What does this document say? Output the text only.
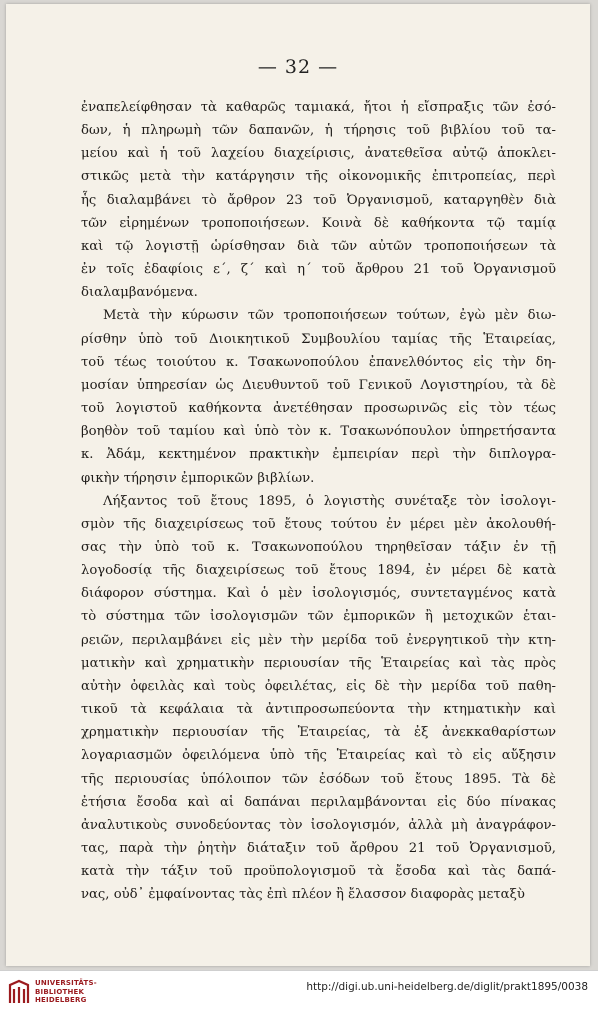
— 32 —

ἐναπελείφθησαν τὰ καθαρῶς ταμιακά, ἤτοι ἡ εἴσπραξις τῶν ἐσό-
δων, ἡ πληρωμὴ τῶν δαπανῶν, ἡ τήρησις τοῦ βιβλίου τοῦ τα-
μείου καὶ ἡ τοῦ λαχείου διαχείρισις, ἀνατεθεῖσα αὐτῷ ἀποκλει-
στικῶς μετὰ τὴν κατάργησιν τῆς οἰκονομικῆς ἐπιτροπείας, περὶ
ἧς διαλαμβάνει τὸ ἄρθρον 23 τοῦ Ὀργανισμοῦ, καταργηθὲν διὰ
τῶν εἰρημένων τροποποιήσεων. Κοινὰ δὲ καθήκοντα τῷ ταμίᾳ
καὶ τῷ λογιστῇ ὡρίσθησαν διὰ τῶν αὐτῶν τροποποιήσεων τὰ
ἐν τοῖς ἐδαφίοις ε΄, ζ΄ καὶ η΄ τοῦ ἄρθρου 21 τοῦ Ὀργανισμοῦ
διαλαμβανόμενα.

Μετὰ τὴν κύρωσιν τῶν τροποποιήσεων τούτων, ἐγὼ μὲν διω-
ρίσθην ὑπὸ τοῦ Διοικητικοῦ Συμβουλίου ταμίας τῆς Ἑταιρείας,
τοῦ τέως τοιούτου κ. Τσακωνοπούλου ἐπανελθόντος εἰς τὴν δη-
μοσίαν ὑπηρεσίαν ὡς Διευθυντοῦ τοῦ Γενικοῦ Λογιστηρίου, τὰ δὲ
τοῦ λογιστοῦ καθήκοντα ἀνετέθησαν προσωρινῶς εἰς τὸν τέως
βοηθὸν τοῦ ταμίου καὶ ὑπὸ τὸν κ. Τσακωνόπουλον ὑπηρετήσαντα
κ. Ἀδάμ, κεκτημένον πρακτικὴν ἐμπειρίαν περὶ τὴν διπλογρα-
φικὴν τήρησιν ἐμπορικῶν βιβλίων.

Λήξαντος τοῦ ἔτους 1895, ὁ λογιστὴς συνέταξε τὸν ἰσολογι-
σμὸν τῆς διαχειρίσεως τοῦ ἔτους τούτου ἐν μέρει μὲν ἀκολουθή-
σας τὴν ὑπὸ τοῦ κ. Τσακωνοπούλου τηρηθεῖσαν τάξιν ἐν τῇ
λογοδοσίᾳ τῆς διαχειρίσεως τοῦ ἔτους 1894, ἐν μέρει δὲ κατὰ
διάφορον σύστημα. Καὶ ὁ μὲν ἰσολογισμός, συντεταγμένος κατὰ
τὸ σύστημα τῶν ἰσολογισμῶν τῶν ἐμπορικῶν ἢ μετοχικῶν ἑται-
ρειῶν, περιλαμβάνει εἰς μὲν τὴν μερίδα τοῦ ἐνεργητικοῦ τὴν κτη-
ματικὴν καὶ χρηματικὴν περιουσίαν τῆς Ἑταιρείας καὶ τὰς πρὸς
αὐτὴν ὀφειλὰς καὶ τοὺς ὀφειλέτας, εἰς δὲ τὴν μερίδα τοῦ παθη-
τικοῦ τὰ κεφάλαια τὰ ἀντιπροσωπεύοντα τὴν κτηματικὴν καὶ
χρηματικὴν περιουσίαν τῆς Ἑταιρείας, τὰ ἐξ ἀνεκκαθαρίστων
λογαριασμῶν ὀφειλόμενα ὑπὸ τῆς Ἑταιρείας καὶ τὸ εἰς αὔξησιν
τῆς περιουσίας ὑπόλοιπον τῶν ἐσόδων τοῦ ἔτους 1895. Τὰ δὲ
ἐτήσια ἔσοδα καὶ αἱ δαπάναι περιλαμβάνονται εἰς δύο πίνακας
ἀναλυτικοὺς συνοδεύοντας τὸν ἰσολογισμόν, ἀλλὰ μὴ ἀναγράφον-
τας, παρὰ τὴν ῥητὴν διάταξιν τοῦ ἄρθρου 21 τοῦ Ὀργανισμοῦ,
κατὰ τὴν τάξιν τοῦ προϋπολογισμοῦ τὰ ἔσοδα καὶ τὰς δαπά-
νας, οὐδ᾽ ἐμφαίνοντας τὰς ἐπὶ πλέον ἢ ἔλασσον διαφορὰς μεταξὺ

UNIVERSITÄTS-
BIBLIOTHEK
HEIDELBERG
http://digi.ub.uni-heidelberg.de/diglit/prakt1895/0038
